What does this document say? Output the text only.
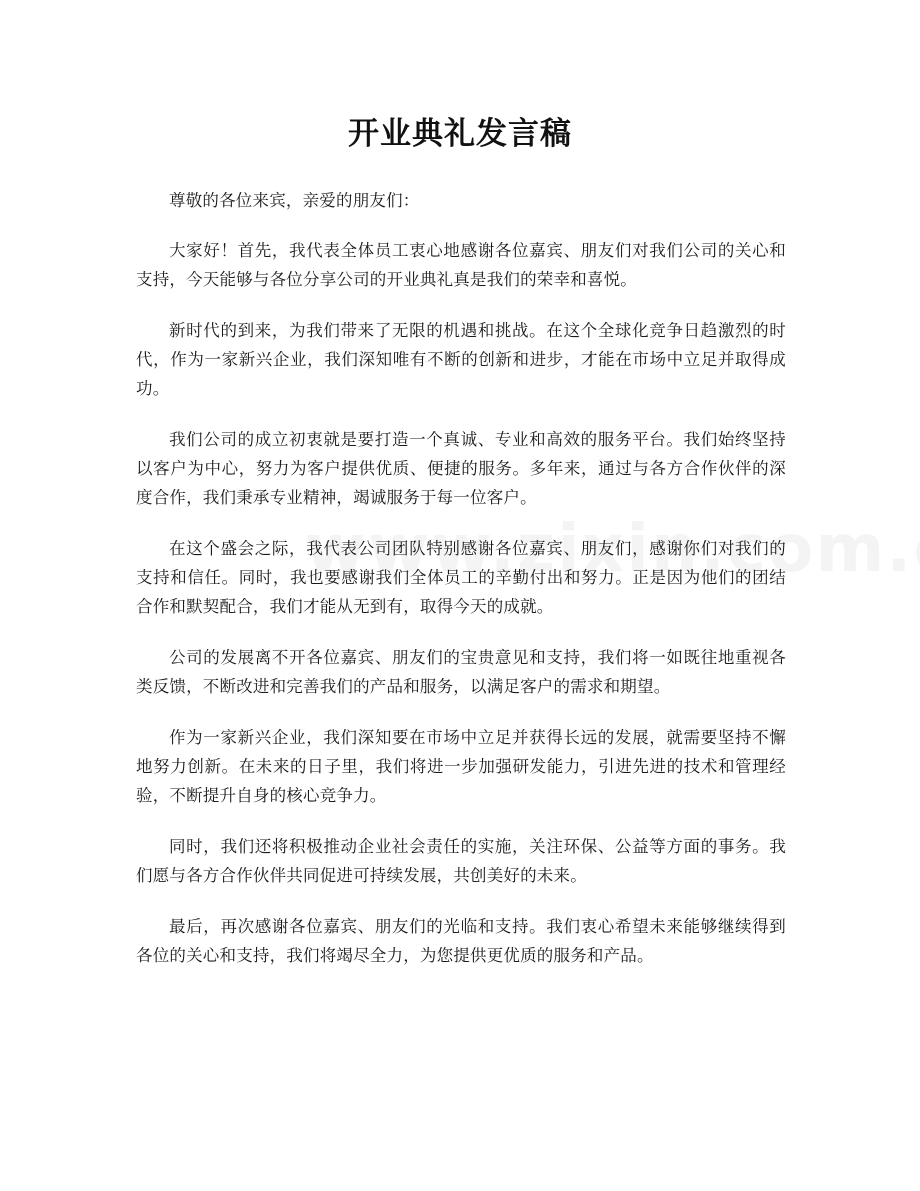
开业典礼发言稿

尊敬的各位来宾，亲爱的朋友们：

大家好！首先，我代表全体员工衷心地感谢各位嘉宾、朋友们对我们公司的关心和支持，今天能够与各位分享公司的开业典礼真是我们的荣幸和喜悦。

新时代的到来，为我们带来了无限的机遇和挑战。在这个全球化竞争日趋激烈的时代，作为一家新兴企业，我们深知唯有不断的创新和进步，才能在市场中立足并取得成功。

我们公司的成立初衷就是要打造一个真诚、专业和高效的服务平台。我们始终坚持以客户为中心，努力为客户提供优质、便捷的服务。多年来，通过与各方合作伙伴的深度合作，我们秉承专业精神，竭诚服务于每一位客户。

在这个盛会之际，我代表公司团队特别感谢各位嘉宾、朋友们，感谢你们对我们的支持和信任。同时，我也要感谢我们全体员工的辛勤付出和努力。正是因为他们的团结合作和默契配合，我们才能从无到有，取得今天的成就。

公司的发展离不开各位嘉宾、朋友们的宝贵意见和支持，我们将一如既往地重视各类反馈，不断改进和完善我们的产品和服务，以满足客户的需求和期望。

作为一家新兴企业，我们深知要在市场中立足并获得长远的发展，就需要坚持不懈地努力创新。在未来的日子里，我们将进一步加强研发能力，引进先进的技术和管理经验，不断提升自身的核心竞争力。

同时，我们还将积极推动企业社会责任的实施，关注环保、公益等方面的事务。我们愿与各方合作伙伴共同促进可持续发展，共创美好的未来。

最后，再次感谢各位嘉宾、朋友们的光临和支持。我们衷心希望未来能够继续得到各位的关心和支持，我们将竭尽全力，为您提供更优质的服务和产品。
